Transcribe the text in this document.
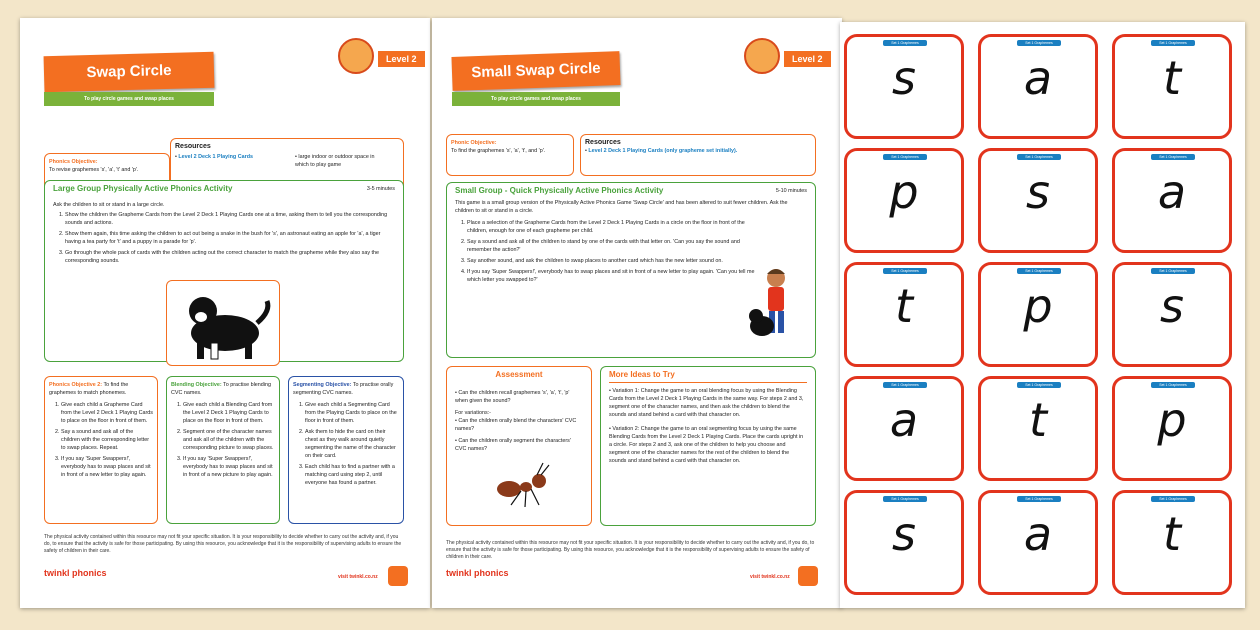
Swap Circle
To play circle games and swap places
Level 2
Phonics Objective:
To revise graphemes 's', 'a', 't' and 'p'.
Resources
• Level 2 Deck 1 Playing Cards	• large indoor or outdoor space in which to play game
Large Group Physically Active Phonics Activity	3-5 minutes
Ask the children to sit or stand in a large circle.
1. Show the children the Grapheme Cards from the Level 2 Deck 1 Playing Cards one at a time, asking them to tell you the corresponding sounds and actions.
2. Show them again, this time asking the children to act out being a snake in the bush for 's', an astronaut eating an apple for 'a', a tiger having a tea party for 't' and a puppy in a parade for 'p'.
3. Go through the whole pack of cards with the children acting out the correct character to match the grapheme while they also say the corresponding sounds.
Phonics Objective 2: To find the graphemes to match phonemes.
1. Give each child a Grapheme Card from the Level 2 Deck 1 Playing Cards to place on the floor in front of them.
2. Say a sound and ask all of the children with the corresponding letter to swap places. Repeat.
3. If you say 'Super Swappers!', everybody has to swap places and sit in front of a new letter to play again.
Blending Objective: To practise blending CVC names.
1. Give each child a Blending Card from the Level 2 Deck 1 Playing Cards to place on the floor in front of them.
2. Segment one of the character names and ask all of the children with the corresponding picture to swap places.
3. If you say 'Super Swappers!', everybody has to swap places and sit in front of a new picture to play again.
Segmenting Objective: To practise orally segmenting CVC names.
1. Give each child a Segmenting Card from the Playing Cards to place on the floor in front of them.
2. Ask them to hide the card on their chest as they walk around quietly segmenting the name of the character on their card.
3. Each child has to find a partner with a matching card using step 2, until everyone has found a partner.
The physical activity contained within this resource may not fit your specific situation. It is your responsibility to decide whether to carry out the activity and, if you do, to ensure that the activity is safe for those participating. By using this resource, you acknowledge that it is the responsibility of supervising adults to ensure the safety of children in their care.
twinkl phonics	visit twinkl.co.nz
Small Swap Circle
To play circle games and swap places
Level 2
Phonic Objective:
To find the graphemes 's', 'a', 't', and 'p'.
Resources
• Level 2 Deck 1 Playing Cards (only grapheme set initially).
Small Group - Quick Physically Active Phonics Activity	5-10 minutes
This game is a small group version of the Physically Active Phonics Game 'Swap Circle' and has been altered to suit fewer children. Ask the children to sit or stand in a circle.
1. Place a selection of the Grapheme Cards from the Level 2 Deck 1 Playing Cards in a circle on the floor in front of the children, enough for one of each grapheme per child.
2. Say a sound and ask all of the children to stand by one of the cards with that letter on. 'Can you say the sound and remember the action?'
3. Say another sound, and ask the children to swap places to another card which has the new letter sound on.
4. If you say 'Super Swappers!', everybody has to swap places and sit in front of a new letter to play again. 'Can you tell me which letter you swapped to?'
Assessment
• Can the children recall graphemes 's', 'a', 't', 'p' when given the sound?
For variations:-
• Can the children orally blend the characters' CVC names?
• Can the children orally segment the characters' CVC names?
More Ideas to Try
• Variation 1: Change the game to an oral blending focus by using the Blending Cards from the Level 2 Deck 1 Playing Cards in the same way. For steps 2 and 3, segment one of the character names, and then ask the children to blend the sounds and stand behind a card with that character on.
• Variation 2: Change the game to an oral segmenting focus by using the same Blending Cards from the Level 2 Deck 1 Playing Cards. Place the cards upright in a circle. For steps 2 and 3, ask one of the children to help you choose and segment one of the character names for the rest of the children to blend the sounds and stand behind a card with that character on.
The physical activity contained within this resource may not fit your specific situation. It is your responsibility to decide whether to carry out the activity and, if you do, to ensure that the activity is safe for those participating. By using this resource, you acknowledge that it is the responsibility of supervising adults to ensure the safety of children in their care.
twinkl phonics	visit twinkl.co.nz
Set 1 Graphemes
s
Set 1 Graphemes
a
Set 1 Graphemes
t
Set 1 Graphemes
p
Set 1 Graphemes
s
Set 1 Graphemes
a
Set 1 Graphemes
t
Set 1 Graphemes
p
Set 1 Graphemes
s
Set 1 Graphemes
a
Set 1 Graphemes
t
Set 1 Graphemes
p
Set 1 Graphemes
s
Set 1 Graphemes
a
Set 1 Graphemes
t
